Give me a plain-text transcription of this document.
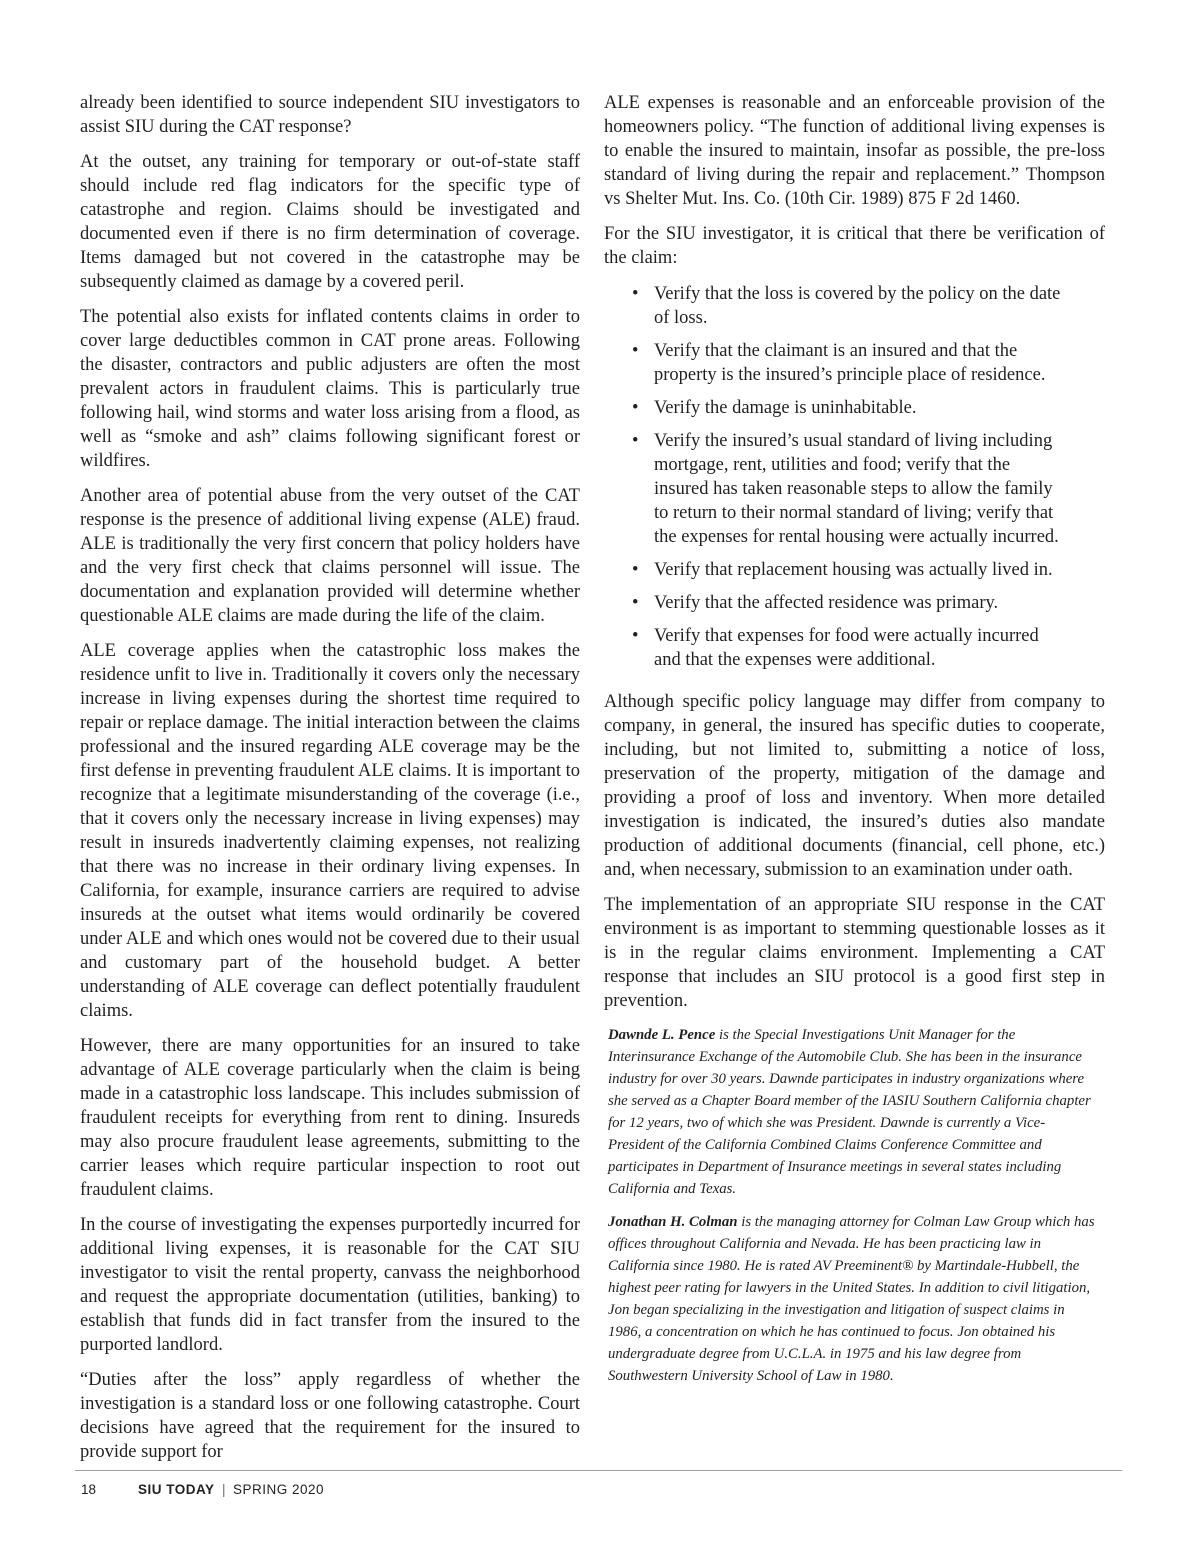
already been identified to source independent SIU investigators to assist SIU during the CAT response?

At the outset, any training for temporary or out-of-state staff should include red flag indicators for the specific type of catastrophe and region. Claims should be investigated and documented even if there is no firm determination of coverage. Items damaged but not covered in the catastrophe may be subsequently claimed as damage by a covered peril.

The potential also exists for inflated contents claims in order to cover large deductibles common in CAT prone areas. Following the disaster, contractors and public adjusters are often the most prevalent actors in fraudulent claims. This is particularly true following hail, wind storms and water loss arising from a flood, as well as “smoke and ash” claims following significant forest or wildfires.

Another area of potential abuse from the very outset of the CAT response is the presence of additional living expense (ALE) fraud. ALE is traditionally the very first concern that policy holders have and the very first check that claims personnel will issue. The documentation and explanation provided will determine whether questionable ALE claims are made during the life of the claim.

ALE coverage applies when the catastrophic loss makes the residence unfit to live in. Traditionally it covers only the necessary increase in living expenses during the shortest time required to repair or replace damage. The initial interaction between the claims professional and the insured regarding ALE coverage may be the first defense in preventing fraudulent ALE claims. It is important to recognize that a legitimate misunderstanding of the coverage (i.e., that it covers only the necessary increase in living expenses) may result in insureds inadvertently claiming expenses, not realizing that there was no increase in their ordinary living expenses. In California, for example, insurance carriers are required to advise insureds at the outset what items would ordinarily be covered under ALE and which ones would not be covered due to their usual and customary part of the household budget. A better understanding of ALE coverage can deflect potentially fraudulent claims.

However, there are many opportunities for an insured to take advantage of ALE coverage particularly when the claim is being made in a catastrophic loss landscape. This includes submission of fraudulent receipts for everything from rent to dining. Insureds may also procure fraudulent lease agreements, submitting to the carrier leases which require particular inspection to root out fraudulent claims.

In the course of investigating the expenses purportedly incurred for additional living expenses, it is reasonable for the CAT SIU investigator to visit the rental property, canvass the neighborhood and request the appropriate documentation (utilities, banking) to establish that funds did in fact transfer from the insured to the purported landlord.

“Duties after the loss” apply regardless of whether the investigation is a standard loss or one following catastrophe. Court decisions have agreed that the requirement for the insured to provide support for

ALE expenses is reasonable and an enforceable provision of the homeowners policy. “The function of additional living expenses is to enable the insured to maintain, insofar as possible, the pre-loss standard of living during the repair and replacement.” Thompson vs Shelter Mut. Ins. Co. (10th Cir. 1989) 875 F 2d 1460.

For the SIU investigator, it is critical that there be verification of the claim:

• Verify that the loss is covered by the policy on the date of loss.
• Verify that the claimant is an insured and that the property is the insured’s principle place of residence.
• Verify the damage is uninhabitable.
• Verify the insured’s usual standard of living including mortgage, rent, utilities and food; verify that the insured has taken reasonable steps to allow the family to return to their normal standard of living; verify that the expenses for rental housing were actually incurred.
• Verify that replacement housing was actually lived in.
• Verify that the affected residence was primary.
• Verify that expenses for food were actually incurred and that the expenses were additional.

Although specific policy language may differ from company to company, in general, the insured has specific duties to cooperate, including, but not limited to, submitting a notice of loss, preservation of the property, mitigation of the damage and providing a proof of loss and inventory. When more detailed investigation is indicated, the insured’s duties also mandate production of additional documents (financial, cell phone, etc.) and, when necessary, submission to an examination under oath.

The implementation of an appropriate SIU response in the CAT environment is as important to stemming questionable losses as it is in the regular claims environment. Implementing a CAT response that includes an SIU protocol is a good first step in prevention.

Dawnde L. Pence is the Special Investigations Unit Manager for the Interinsurance Exchange of the Automobile Club. She has been in the insurance industry for over 30 years. Dawnde participates in industry organizations where she served as a Chapter Board member of the IASIU Southern California chapter for 12 years, two of which she was President. Dawnde is currently a Vice-President of the California Combined Claims Conference Committee and participates in Department of Insurance meetings in several states including California and Texas.

Jonathan H. Colman is the managing attorney for Colman Law Group which has offices throughout California and Nevada. He has been practicing law in California since 1980. He is rated AV Preeminent® by Martindale-Hubbell, the highest peer rating for lawyers in the United States. In addition to civil litigation, Jon began specializing in the investigation and litigation of suspect claims in 1986, a concentration on which he has continued to focus. Jon obtained his undergraduate degree from U.C.L.A. in 1975 and his law degree from Southwestern University School of Law in 1980.

18	SIU TODAY | SPRING 2020
